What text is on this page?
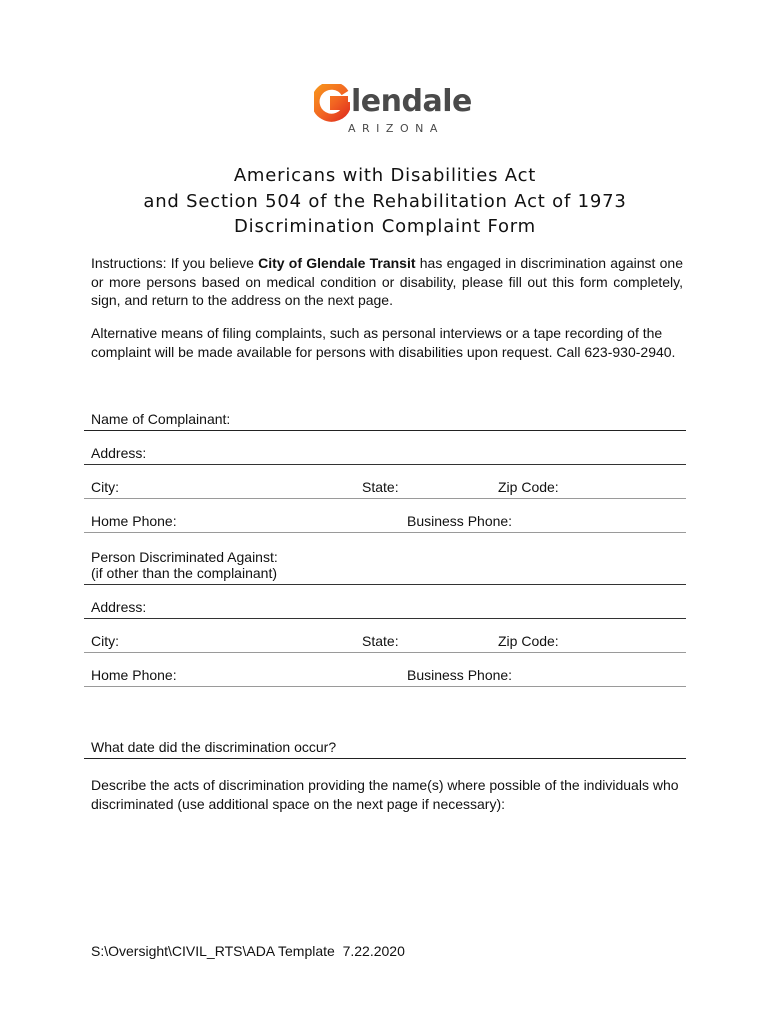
lendale
ARIZONA
Americans with Disabilities Act
and Section 504 of the Rehabilitation Act of 1973
Discrimination Complaint Form

Instructions: If you believe City of Glendale Transit has engaged in discrimination against one or more persons based on medical condition or disability, please fill out this form completely, sign, and return to the address on the next page.

Alternative means of filing complaints, such as personal interviews or a tape recording of the complaint will be made available for persons with disabilities upon request. Call 623-930-2940.

Name of Complainant:
Address:
City:	State:	Zip Code:
Home Phone:	Business Phone:
Person Discriminated Against:
(if other than the complainant)
Address:
City:	State:	Zip Code:
Home Phone:	Business Phone:
What date did the discrimination occur?

Describe the acts of discrimination providing the name(s) where possible of the individuals who discriminated (use additional space on the next page if necessary):

S:\Oversight\CIVIL_RTS\ADA Template  7.22.2020
